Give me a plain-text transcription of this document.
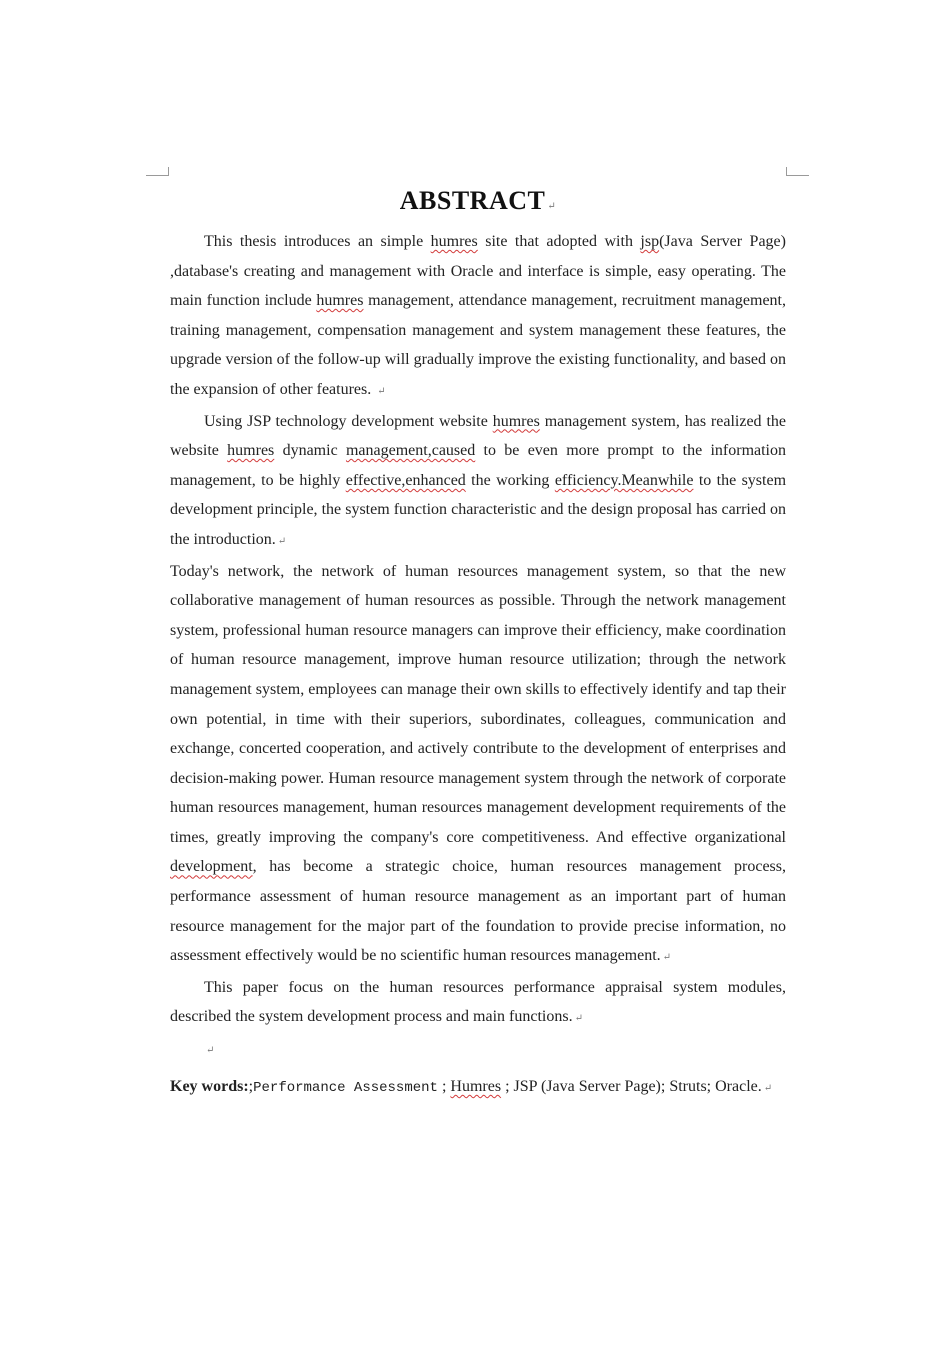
ABSTRACT ↵

This thesis introduces an simple humres site that adopted with jsp(Java Server Page) ,database's creating and management with Oracle and interface is simple, easy operating. The main function include humres management, attendance management, recruitment management, training management, compensation management and system management these features, the upgrade version of the follow-up will gradually improve the existing functionality, and based on the expansion of other features. ↵

Using JSP technology development website humres management system, has realized the website humres dynamic management,caused to be even more prompt to the information management, to be highly effective,enhanced the working efficiency.Meanwhile to the system development principle, the system function characteristic and the design proposal has carried on the introduction. ↵

Today's network, the network of human resources management system, so that the new collaborative management of human resources as possible. Through the network management system, professional human resource managers can improve their efficiency, make coordination of human resource management, improve human resource utilization; through the network management system, employees can manage their own skills to effectively identify and tap their own potential, in time with their superiors, subordinates, colleagues, communication and exchange, concerted cooperation, and actively contribute to the development of enterprises and decision-making power. Human resource management system through the network of corporate human resources management, human resources management development requirements of the times, greatly improving the company's core competitiveness. And effective organizational development, has become a strategic choice, human resources management process, performance assessment of human resource management as an important part of human resource management for the major part of the foundation to provide precise information, no assessment effectively would be no scientific human resources management. ↵

This paper focus on the human resources performance appraisal system modules, described the system development process and main functions. ↵

↵

Key words:;Performance Assessment ; Humres ; JSP (Java Server Page); Struts; Oracle. ↵
